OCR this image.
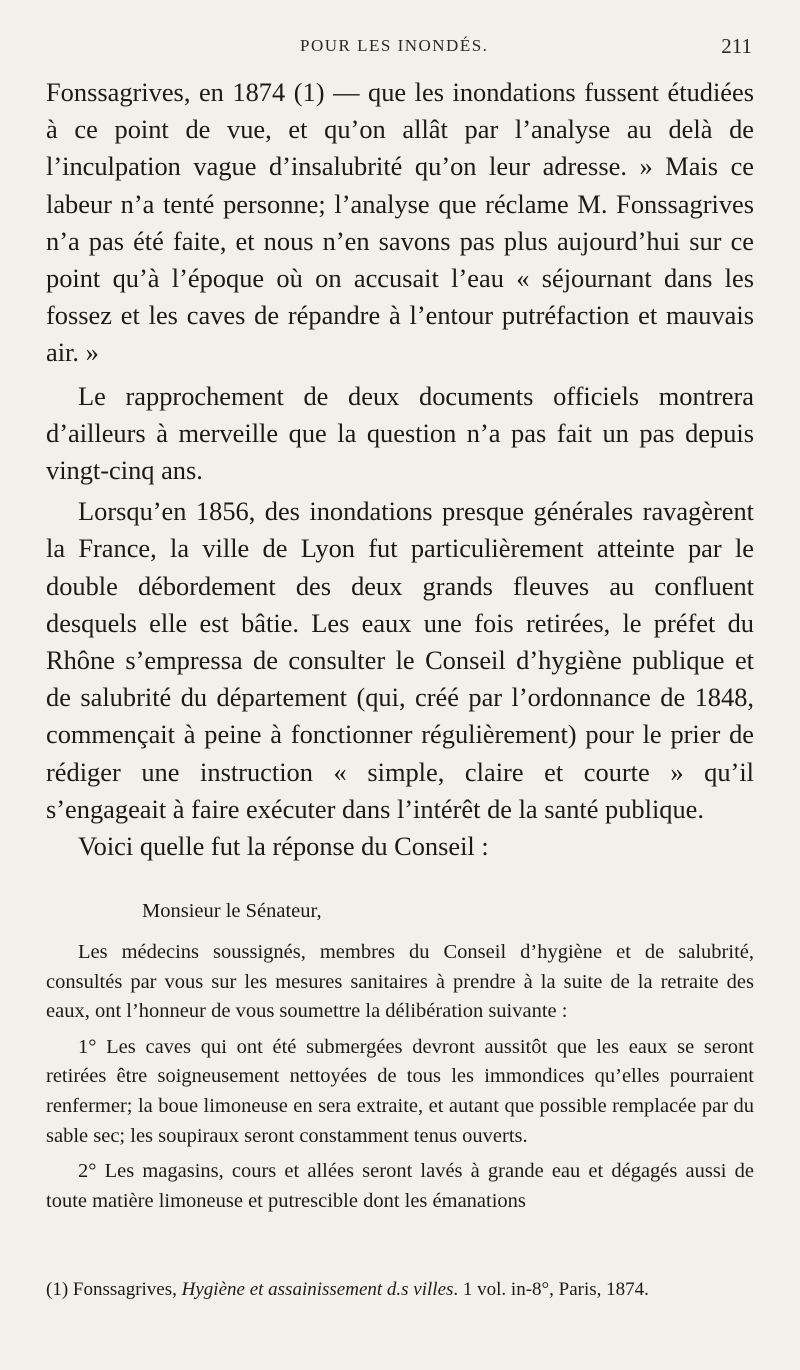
POUR LES INONDÉS.	211

Fonssagrives, en 1874 (1) — que les inondations fussent étudiées à ce point de vue, et qu’on allât par l’analyse au delà de l’inculpation vague d’insalubrité qu’on leur adresse. » Mais ce labeur n’a tenté personne; l’analyse que réclame M. Fonssagrives n’a pas été faite, et nous n’en savons pas plus aujourd’hui sur ce point qu’à l’époque où on accusait l’eau « séjournant dans les fossez et les caves de répandre à l’entour putréfaction et mauvais air. »

Le rapprochement de deux documents officiels montrera d’ailleurs à merveille que la question n’a pas fait un pas depuis vingt-cinq ans.

Lorsqu’en 1856, des inondations presque générales ravagèrent la France, la ville de Lyon fut particulièrement atteinte par le double débordement des deux grands fleuves au confluent desquels elle est bâtie. Les eaux une fois retirées, le préfet du Rhône s’empressa de consulter le Conseil d’hygiène publique et de salubrité du département (qui, créé par l’ordonnance de 1848, commençait à peine à fonctionner régulièrement) pour le prier de rédiger une instruction « simple, claire et courte » qu’il s’engageait à faire exécuter dans l’intérêt de la santé publique.

Voici quelle fut la réponse du Conseil :

Monsieur le Sénateur,

Les médecins soussignés, membres du Conseil d’hygiène et de salubrité, consultés par vous sur les mesures sanitaires à prendre à la suite de la retraite des eaux, ont l’honneur de vous soumettre la délibération suivante :

1° Les caves qui ont été submergées devront aussitôt que les eaux se seront retirées être soigneusement nettoyées de tous les immondices qu’elles pourraient renfermer; la boue limoneuse en sera extraite, et autant que possible remplacée par du sable sec; les soupiraux seront constamment tenus ouverts.

2° Les magasins, cours et allées seront lavés à grande eau et dégagés aussi de toute matière limoneuse et putrescible dont les émanations

(1) Fonssagrives, Hygiène et assainissement d.s villes. 1 vol. in-8°, Paris, 1874.
